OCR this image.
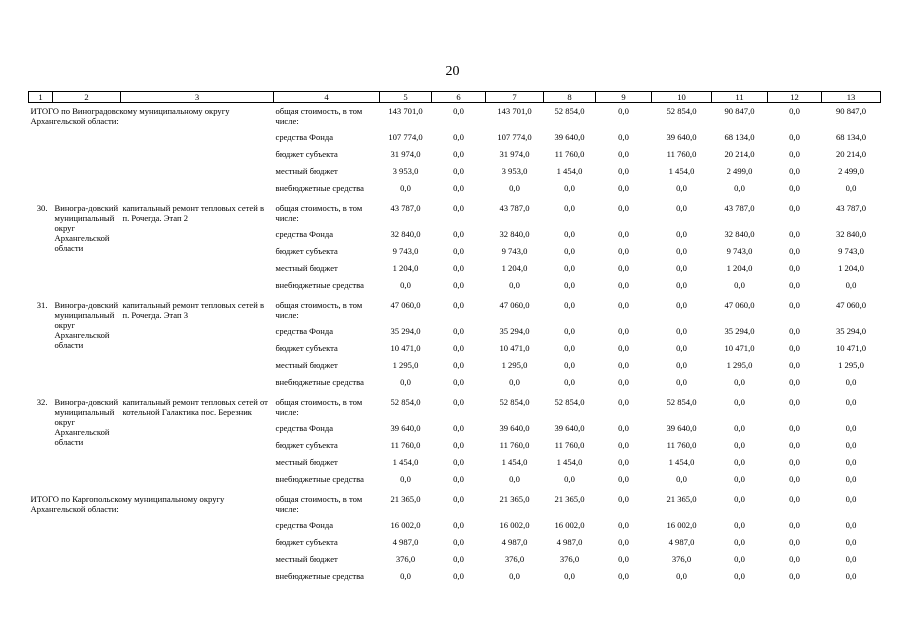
20
1	2	3	4	5	6	7	8	9	10	11	12	13
ИТОГО по Виноградовскому муниципальному округу Архангельской области:			общая стоимость, в том числе:	143 701,0	0,0	143 701,0	52 854,0	0,0	52 854,0	90 847,0	0,0	90 847,0
			средства Фонда	107 774,0	0,0	107 774,0	39 640,0	0,0	39 640,0	68 134,0	0,0	68 134,0
			бюджет субъекта	31 974,0	0,0	31 974,0	11 760,0	0,0	11 760,0	20 214,0	0,0	20 214,0
			местный бюджет	3 953,0	0,0	3 953,0	1 454,0	0,0	1 454,0	2 499,0	0,0	2 499,0
			внебюджетные средства	0,0	0,0	0,0	0,0	0,0	0,0	0,0	0,0	0,0
30.	Виногра-довский муниципальный округ Архангельской области	капитальный ремонт тепловых сетей в п. Рочегда. Этап 2	общая стоимость, в том числе:	43 787,0	0,0	43 787,0	0,0	0,0	0,0	43 787,0	0,0	43 787,0
			средства Фонда	32 840,0	0,0	32 840,0	0,0	0,0	0,0	32 840,0	0,0	32 840,0
			бюджет субъекта	9 743,0	0,0	9 743,0	0,0	0,0	0,0	9 743,0	0,0	9 743,0
			местный бюджет	1 204,0	0,0	1 204,0	0,0	0,0	0,0	1 204,0	0,0	1 204,0
			внебюджетные средства	0,0	0,0	0,0	0,0	0,0	0,0	0,0	0,0	0,0
31.	Виногра-довский муниципальный округ Архангельской области	капитальный ремонт тепловых сетей в п. Рочегда. Этап 3	общая стоимость, в том числе:	47 060,0	0,0	47 060,0	0,0	0,0	0,0	47 060,0	0,0	47 060,0
			средства Фонда	35 294,0	0,0	35 294,0	0,0	0,0	0,0	35 294,0	0,0	35 294,0
			бюджет субъекта	10 471,0	0,0	10 471,0	0,0	0,0	0,0	10 471,0	0,0	10 471,0
			местный бюджет	1 295,0	0,0	1 295,0	0,0	0,0	0,0	1 295,0	0,0	1 295,0
			внебюджетные средства	0,0	0,0	0,0	0,0	0,0	0,0	0,0	0,0	0,0
32.	Виногра-довский муниципальный округ Архангельской области	капитальный ремонт тепловых сетей от котельной Галактика пос. Березник	общая стоимость, в том числе:	52 854,0	0,0	52 854,0	52 854,0	0,0	52 854,0	0,0	0,0	0,0
			средства Фонда	39 640,0	0,0	39 640,0	39 640,0	0,0	39 640,0	0,0	0,0	0,0
			бюджет субъекта	11 760,0	0,0	11 760,0	11 760,0	0,0	11 760,0	0,0	0,0	0,0
			местный бюджет	1 454,0	0,0	1 454,0	1 454,0	0,0	1 454,0	0,0	0,0	0,0
			внебюджетные средства	0,0	0,0	0,0	0,0	0,0	0,0	0,0	0,0	0,0
ИТОГО по Каргопольскому муниципальному округу Архангельской области:			общая стоимость, в том числе:	21 365,0	0,0	21 365,0	21 365,0	0,0	21 365,0	0,0	0,0	0,0
			средства Фонда	16 002,0	0,0	16 002,0	16 002,0	0,0	16 002,0	0,0	0,0	0,0
			бюджет субъекта	4 987,0	0,0	4 987,0	4 987,0	0,0	4 987,0	0,0	0,0	0,0
			местный бюджет	376,0	0,0	376,0	376,0	0,0	376,0	0,0	0,0	0,0
			внебюджетные средства	0,0	0,0	0,0	0,0	0,0	0,0	0,0	0,0	0,0
